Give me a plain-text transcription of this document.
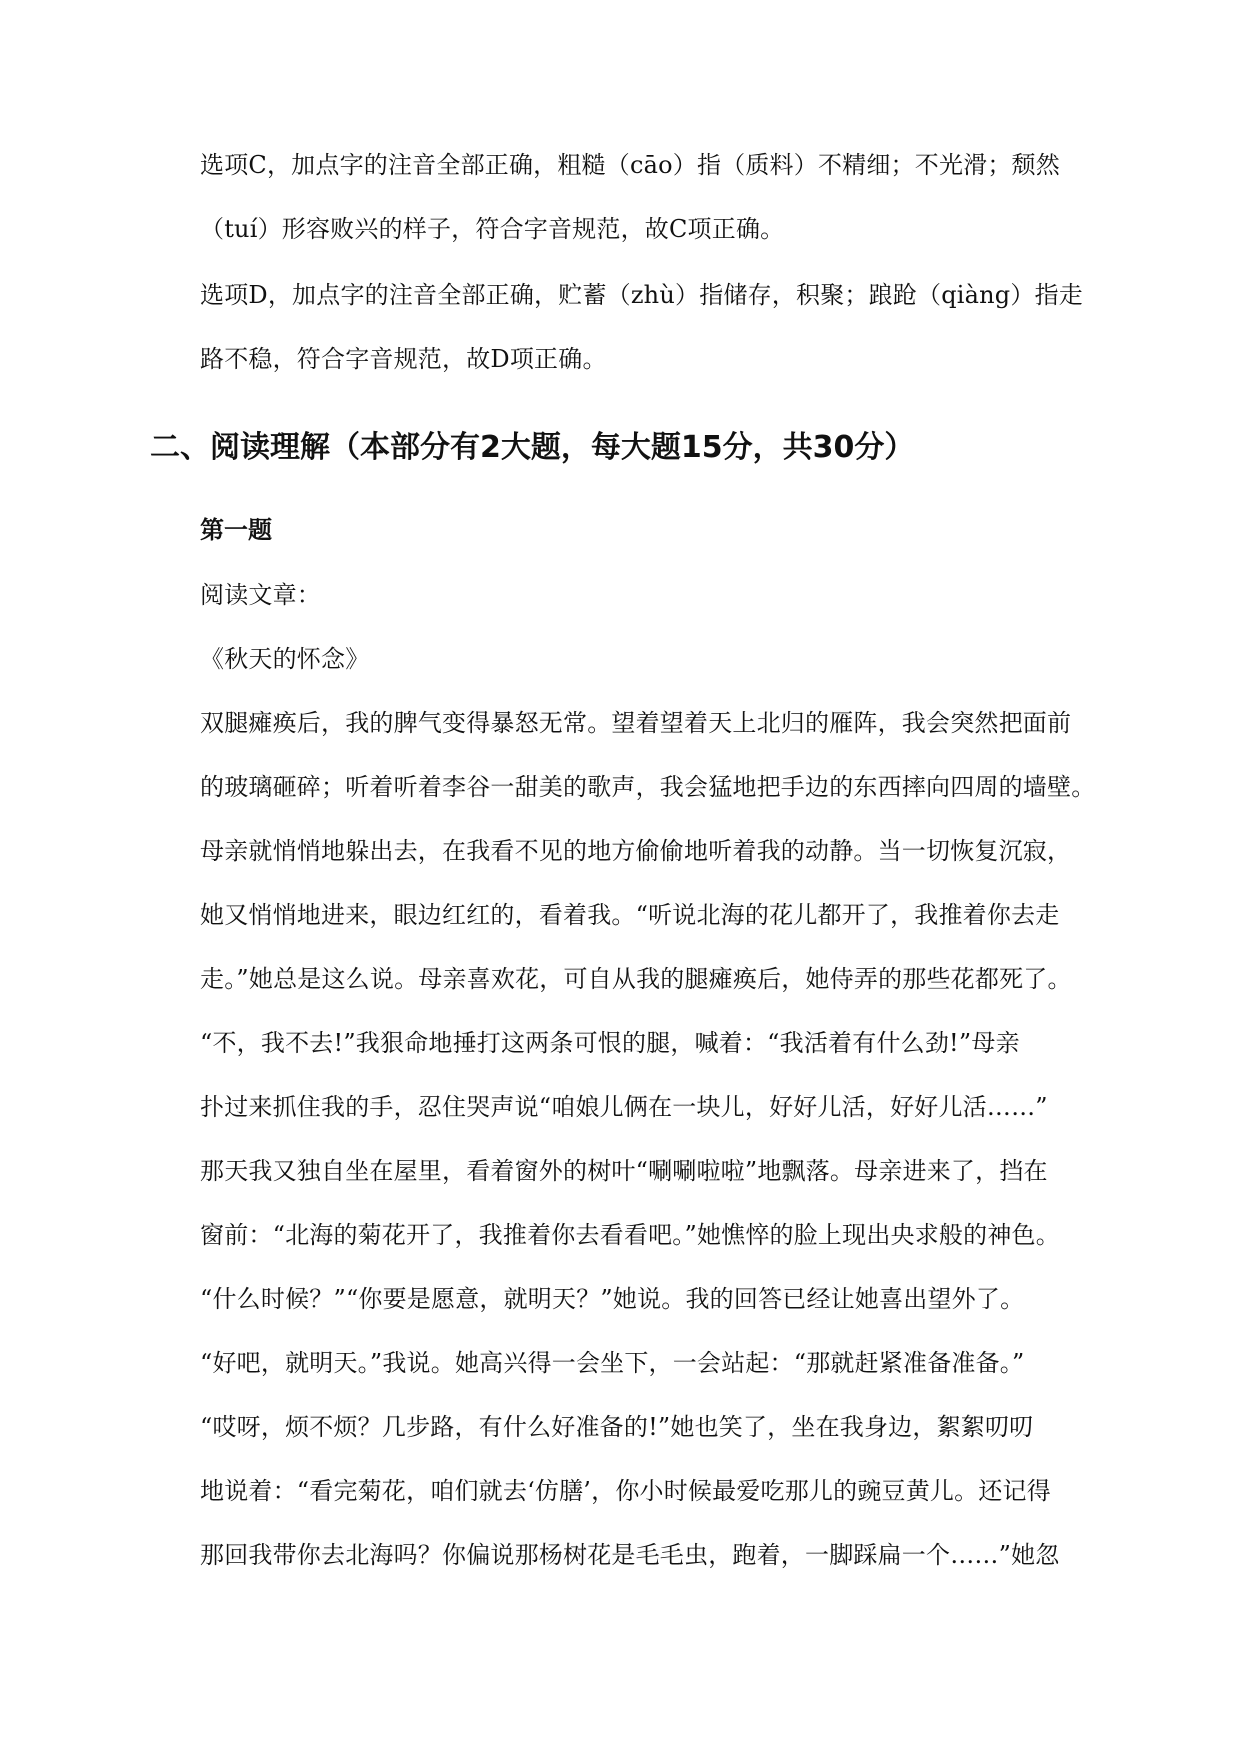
选项C，加点字的注音全部正确，粗糙（cāo）指（质料）不精细；不光滑；颓然
（tuí）形容败兴的样子，符合字音规范，故C项正确。
选项D，加点字的注音全部正确，贮蓄（zhù）指储存，积聚；踉跄（qiàng）指走
路不稳，符合字音规范，故D项正确。
二、阅读理解（本部分有2大题，每大题15分，共30分）
第一题
阅读文章：
《秋天的怀念》
双腿瘫痪后，我的脾气变得暴怒无常。望着望着天上北归的雁阵，我会突然把面前
的玻璃砸碎；听着听着李谷一甜美的歌声，我会猛地把手边的东西摔向四周的墙壁。
母亲就悄悄地躲出去，在我看不见的地方偷偷地听着我的动静。当一切恢复沉寂，
她又悄悄地进来，眼边红红的，看着我。“听说北海的花儿都开了，我推着你去走
走。”她总是这么说。母亲喜欢花，可自从我的腿瘫痪后，她侍弄的那些花都死了。
“不，我不去!”我狠命地捶打这两条可恨的腿，喊着：“我活着有什么劲!”母亲
扑过来抓住我的手，忍住哭声说“咱娘儿俩在一块儿，好好儿活，好好儿活……”
那天我又独自坐在屋里，看着窗外的树叶“唰唰啦啦”地飘落。母亲进来了，挡在
窗前：“北海的菊花开了，我推着你去看看吧。”她憔悴的脸上现出央求般的神色。
“什么时候？”“你要是愿意，就明天？”她说。我的回答已经让她喜出望外了。
“好吧，就明天。”我说。她高兴得一会坐下，一会站起：“那就赶紧准备准备。”
“哎呀，烦不烦？几步路，有什么好准备的!”她也笑了，坐在我身边，絮絮叨叨
地说着：“看完菊花，咱们就去‘仿膳’，你小时候最爱吃那儿的豌豆黄儿。还记得
那回我带你去北海吗？你偏说那杨树花是毛毛虫，跑着，一脚踩扁一个……”她忽
